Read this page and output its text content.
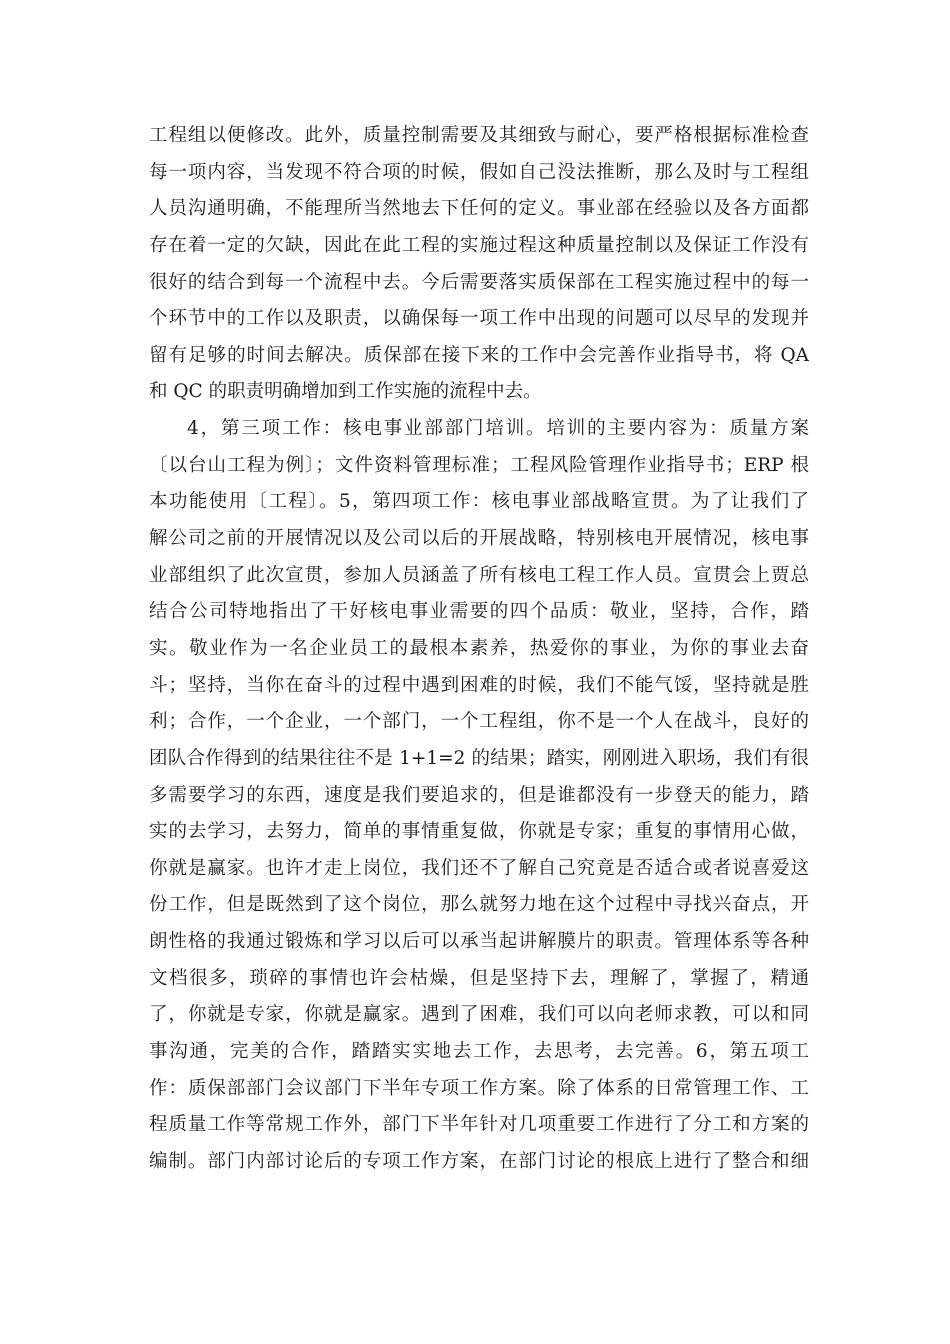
工程组以便修改。此外，质量控制需要及其细致与耐心，要严格根据标准检查
每一项内容，当发现不符合项的时候，假如自己没法推断，那么及时与工程组
人员沟通明确，不能理所当然地去下任何的定义。事业部在经验以及各方面都
存在着一定的欠缺，因此在此工程的实施过程这种质量控制以及保证工作没有
很好的结合到每一个流程中去。今后需要落实质保部在工程实施过程中的每一
个环节中的工作以及职责，以确保每一项工作中出现的问题可以尽早的发现并
留有足够的时间去解决。质保部在接下来的工作中会完善作业指导书，将 QA
和 QC 的职责明确增加到工作实施的流程中去。
4，第三项工作：核电事业部部门培训。培训的主要内容为：质量方案
〔以台山工程为例〕；文件资料管理标准；工程风险管理作业指导书；ERP 根
本功能使用〔工程〕。5，第四项工作：核电事业部战略宣贯。为了让我们了
解公司之前的开展情况以及公司以后的开展战略，特别核电开展情况，核电事
业部组织了此次宣贯，参加人员涵盖了所有核电工程工作人员。宣贯会上贾总
结合公司特地指出了干好核电事业需要的四个品质：敬业，坚持，合作，踏
实。敬业作为一名企业员工的最根本素养，热爱你的事业，为你的事业去奋
斗；坚持，当你在奋斗的过程中遇到困难的时候，我们不能气馁，坚持就是胜
利；合作，一个企业，一个部门，一个工程组，你不是一个人在战斗，良好的
团队合作得到的结果往往不是 1+1=2 的结果；踏实，刚刚进入职场，我们有很
多需要学习的东西，速度是我们要追求的，但是谁都没有一步登天的能力，踏
实的去学习，去努力，简单的事情重复做，你就是专家；重复的事情用心做，
你就是赢家。也许才走上岗位，我们还不了解自己究竟是否适合或者说喜爱这
份工作，但是既然到了这个岗位，那么就努力地在这个过程中寻找兴奋点，开
朗性格的我通过锻炼和学习以后可以承当起讲解膜片的职责。管理体系等各种
文档很多，琐碎的事情也许会枯燥，但是坚持下去，理解了，掌握了，精通
了，你就是专家，你就是赢家。遇到了困难，我们可以向老师求教，可以和同
事沟通，完美的合作，踏踏实实地去工作，去思考，去完善。6，第五项工
作：质保部部门会议部门下半年专项工作方案。除了体系的日常管理工作、工
程质量工作等常规工作外，部门下半年针对几项重要工作进行了分工和方案的
编制。部门内部讨论后的专项工作方案，在部门讨论的根底上进行了整合和细
